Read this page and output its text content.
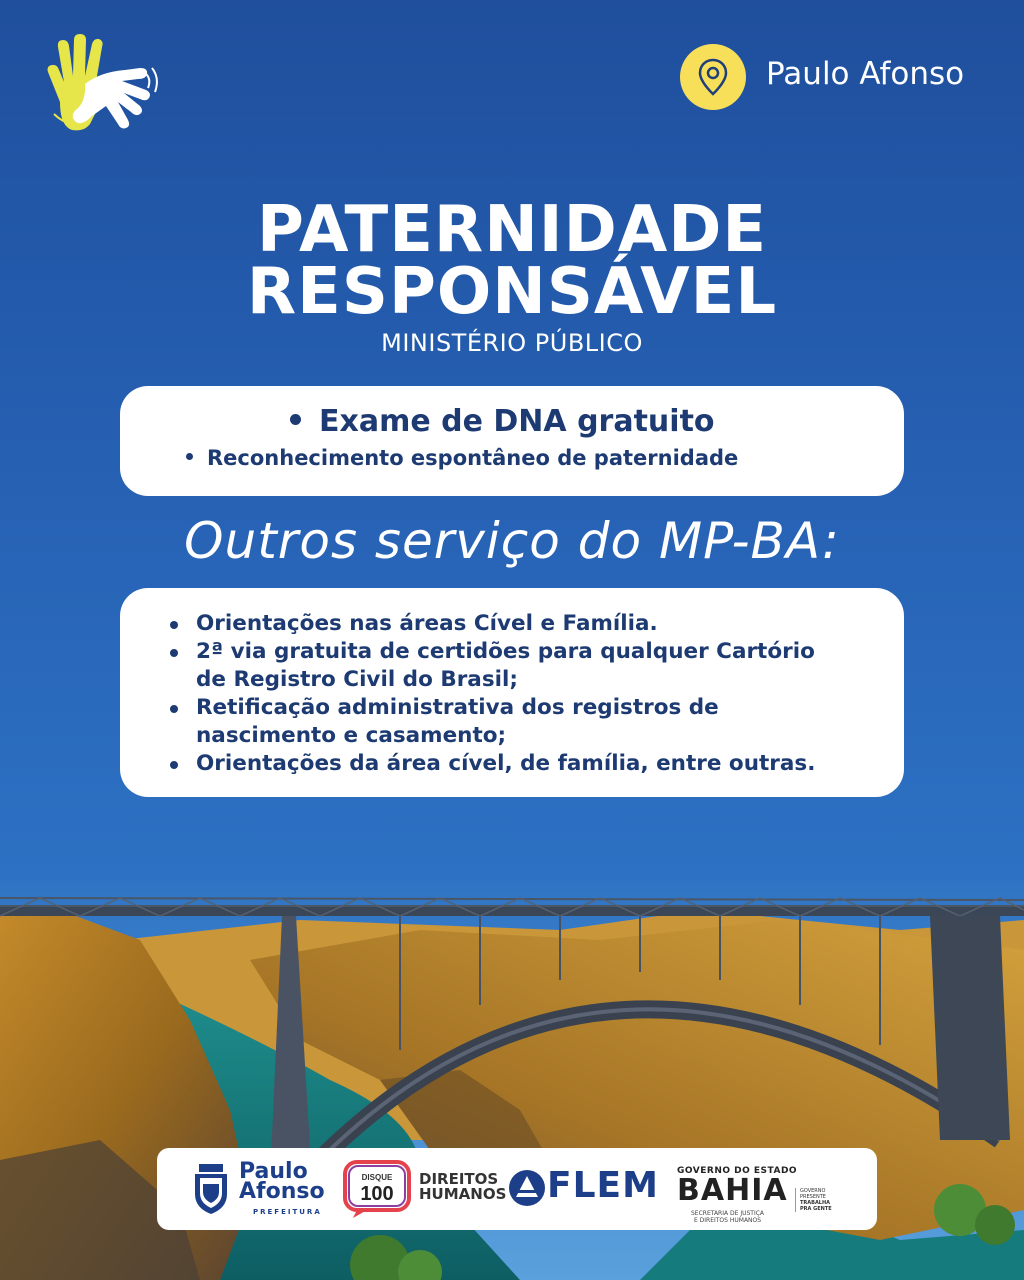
Paulo Afonso
PATERNIDADE
RESPONSÁVEL
MINISTÉRIO PÚBLICO
Exame de DNA gratuito
Reconhecimento espontâneo de paternidade
Outros serviço do MP-BA:
Orientações nas áreas Cível e Família.
2ª via gratuita de certidões para qualquer Cartório
de Registro Civil do Brasil;
Retificação administrativa dos registros de
nascimento e casamento;
Orientações da área cível, de família, entre outras.
Paulo
Afonso
PREFEITURA
DISQUE
100
DIREITOS
HUMANOS FLEM GOVERNO DO ESTADO
BAHIA
SECRETARIA DE JUSTIÇA
E DIREITOS HUMANOS
GOVERNO
PRESENTE
TRABALHA
PRA GENTE
